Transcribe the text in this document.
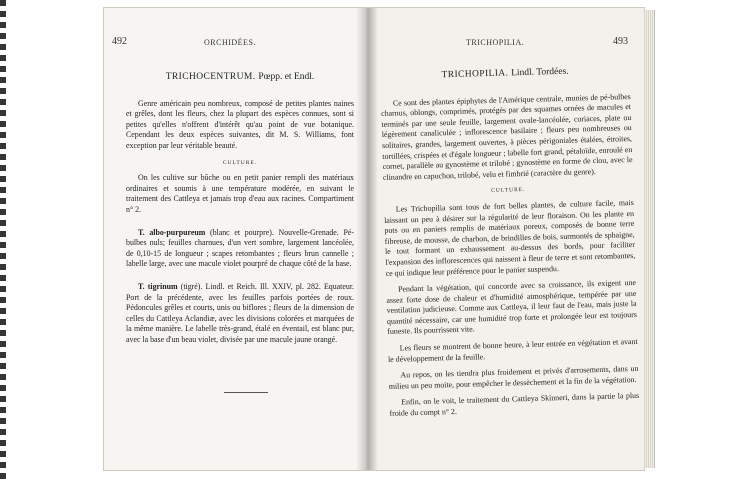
492	ORCHIDÉES.
TRICHOCENTRUM. Pœpp. et Endl.

Genre américain peu nombreux, composé de petites plantes naines et grêles, dont les fleurs, chez la plupart des espèces connues, sont si petites qu'elles n'offrent d'intérêt qu'au point de vue botanique. Cependant les deux espèces suivantes, dit M. S. Williams, font exception par leur véritable beauté.

CULTURE.

On les cultive sur bûche ou en petit panier rempli des matériaux ordinaires et soumis à une température modérée, en suivant le traitement des Cattleya et jamais trop d'eau aux racines. Compartiment n° 2.

T. albo-purpureum (blanc et pourpre). Nouvelle-Grenade. Pé-bulbes nuls; feuilles charnues, d'un vert sombre, largement lancéolée, de 0,10-15 de longueur ; scapes retombantes ; fleurs brun cannelle ; labelle large, avec une macule violet pourpré de chaque côté de la base.

T. tigrinum (tigré). Lindl. et Reich. Ill. XXIV, pl. 282. Equateur. Port de la précédente, avec les feuilles parfois portées de roux. Pédoncules grêles et courts, unis ou biflores ; fleurs de la dimension de celles du Cattleya Aclandiæ, avec les divisions colorées et marquées de la même manière. Le labelle très-grand, étalé en éventail, est blanc pur, avec la base d'un beau violet, divisée par une macule jaune orangé.

TRICHOPILIA.	493
TRICHOPILIA. Lindl. Tordées.

Ce sont des plantes épiphytes de l'Amérique centrale, munies de pé-bulbes charnus, oblongs, comprimés, protégés par des squames ornées de macules et terminés par une seule feuille, largement ovale-lancéolée, coriaces, plate ou légèrement canaliculée ; inflorescence basilaire ; fleurs peu nombreuses ou solitaires, grandes, largement ouvertes, à pièces périgoniales étalées, étroites, tortillées, crispées et d'égale longueur ; labelle fort grand, pétaloïde, enroulé en cornet, parallèle au gynostème et trilobé ; gynostème en forme de clou, avec le clinandre en capuchon, trilobé, velu et fimbrié (caractère du genre).

CULTURE.

Les Trichopilia sont tous de fort belles plantes, de culture facile, mais laissant un peu à désirer sur la régularité de leur floraison. On les plante en pots ou en paniers remplis de matériaux poreux, composés de bonne terre fibreuse, de mousse, de charbon, de brindilles de bois, surmontés de sphaigne, le tout formant un exhaussement au-dessus des bords, pour faciliter l'expansion des inflorescences qui naissent à fleur de terre et sont retombantes, ce qui indique leur préférence pour le panier suspendu.

Pendant la végétation, qui concorde avec sa croissance, ils exigent une assez forte dose de chaleur et d'humidité atmosphérique, tempérée par une ventilation judicieuse. Comme aux Cattleya, il leur faut de l'eau, mais juste la quantité nécessaire, car une humidité trop forte et prolongée leur est toujours funeste. Ils pourrissent vite.

Les fleurs se montrent de bonne heure, à leur entrée en végétation et avant le développement de la feuille.

Au repos, on les tiendra plus froidement et privés d'arrosements, dans un milieu un peu moite, pour empêcher le dessèchement et la fin de la végétation.

Enfin, on le voit, le traitement du Cattleya Skinneri, dans la partie la plus froide du compt n° 2.
